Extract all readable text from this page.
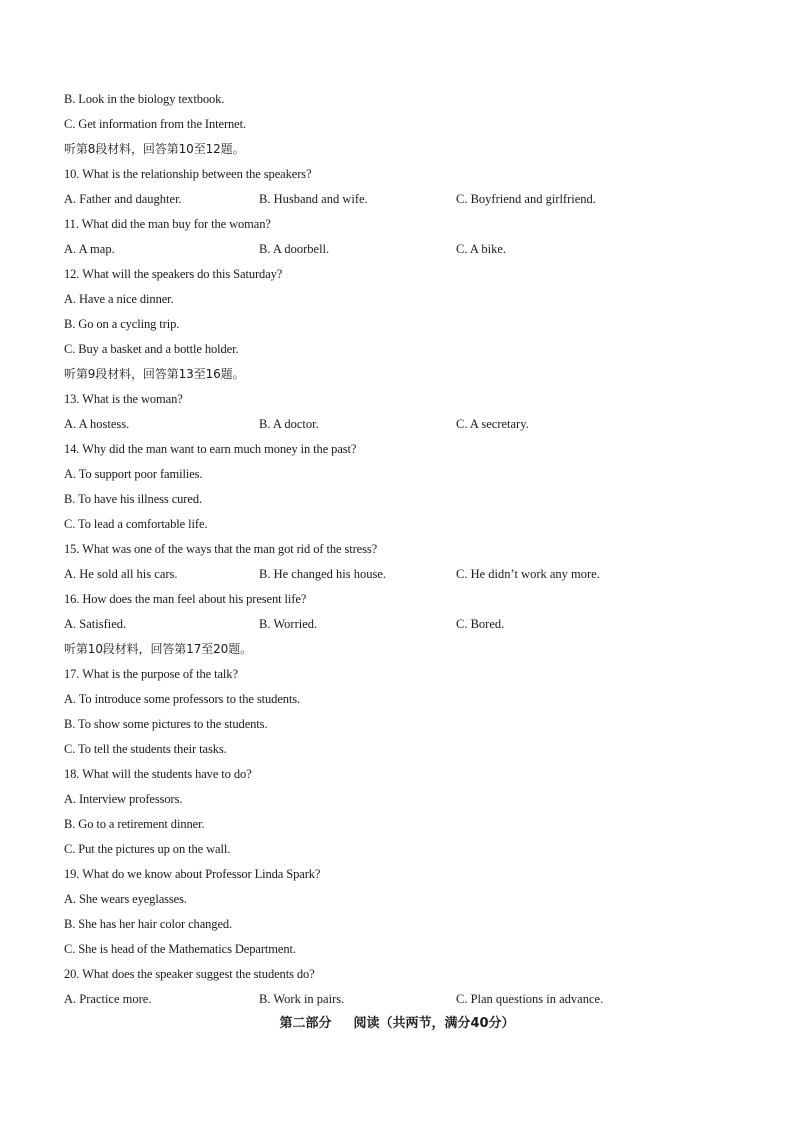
B. Look in the biology textbook.
C. Get information from the Internet.
听第8段材料，回答第10至12题。
10. What is the relationship between the speakers?
A. Father and daughter.	B. Husband and wife.	C. Boyfriend and girlfriend.
11. What did the man buy for the woman?
A. A map.	B. A doorbell.	C. A bike.
12. What will the speakers do this Saturday?
A. Have a nice dinner.
B. Go on a cycling trip.
C. Buy a basket and a bottle holder.
听第9段材料，回答第13至16题。
13. What is the woman?
A. A hostess.	B. A doctor.	C. A secretary.
14. Why did the man want to earn much money in the past?
A. To support poor families.
B. To have his illness cured.
C. To lead a comfortable life.
15. What was one of the ways that the man got rid of the stress?
A. He sold all his cars.	B. He changed his house.	C. He didn’t work any more.
16. How does the man feel about his present life?
A. Satisfied.	B. Worried.	C. Bored.
听第10段材料，回答第17至20题。
17. What is the purpose of the talk?
A. To introduce some professors to the students.
B. To show some pictures to the students.
C. To tell the students their tasks.
18. What will the students have to do?
A. Interview professors.
B. Go to a retirement dinner.
C. Put the pictures up on the wall.
19. What do we know about Professor Linda Spark?
A. She wears eyeglasses.
B. She has her hair color changed.
C. She is head of the Mathematics Department.
20. What does the speaker suggest the students do?
A. Practice more.	B. Work in pairs.	C. Plan questions in advance.
第二部分 阅读（共两节，满分40分）
